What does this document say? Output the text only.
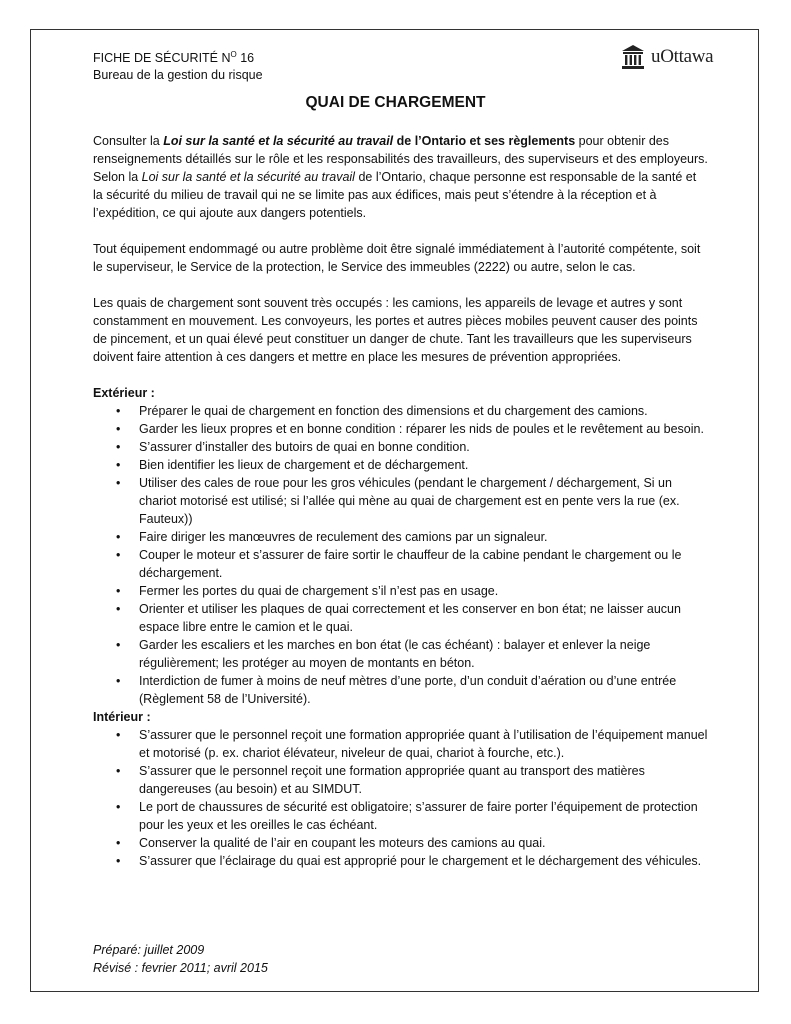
FICHE DE SÉCURITÉ $N^O$ 16
Bureau de la gestion du risque
uOttawa
QUAI DE CHARGEMENT

Consulter la Loi sur la santé et la sécurité au travail de l’Ontario et ses règlements pour obtenir des renseignements détaillés sur le rôle et les responsabilités des travailleurs, des superviseurs et des employeurs. Selon la Loi sur la santé et la sécurité au travail de l’Ontario, chaque personne est responsable de la santé et la sécurité du milieu de travail qui ne se limite pas aux édifices, mais peut s’étendre à la réception et à l’expédition, ce qui ajoute aux dangers potentiels.

Tout équipement endommagé ou autre problème doit être signalé immédiatement à l’autorité compétente, soit le superviseur, le Service de la protection, le Service des immeubles (2222) ou autre, selon le cas.

Les quais de chargement sont souvent très occupés : les camions, les appareils de levage et autres y sont constamment en mouvement. Les convoyeurs, les portes et autres pièces mobiles peuvent causer des points de pincement, et un quai élevé peut constituer un danger de chute. Tant les travailleurs que les superviseurs doivent faire attention à ces dangers et mettre en place les mesures de prévention appropriées.

Extérieur :
• Préparer le quai de chargement en fonction des dimensions et du chargement des camions.
• Garder les lieux propres et en bonne condition : réparer les nids de poules et le revêtement au besoin.
• S’assurer d’installer des butoirs de quai en bonne condition.
• Bien identifier les lieux de chargement et de déchargement.
• Utiliser des cales de roue pour les gros véhicules (pendant le chargement / déchargement, Si un chariot motorisé est utilisé; si l’allée qui mène au quai de chargement est en pente vers la rue (ex. Fauteux))
• Faire diriger les manœuvres de reculement des camions par un signaleur.
• Couper le moteur et s’assurer de faire sortir le chauffeur de la cabine pendant le chargement ou le déchargement.
• Fermer les portes du quai de chargement s’il n’est pas en usage.
• Orienter et utiliser les plaques de quai correctement et les conserver en bon état; ne laisser aucun espace libre entre le camion et le quai.
• Garder les escaliers et les marches en bon état (le cas échéant) : balayer et enlever la neige régulièrement; les protéger au moyen de montants en béton.
• Interdiction de fumer à moins de neuf mètres d’une porte, d’un conduit d’aération ou d’une entrée (Règlement 58 de l’Université).
Intérieur :
• S’assurer que le personnel reçoit une formation appropriée quant à l’utilisation de l’équipement manuel et motorisé (p. ex. chariot élévateur, niveleur de quai, chariot à fourche, etc.).
• S’assurer que le personnel reçoit une formation appropriée quant au transport des matières dangereuses (au besoin) et au SIMDUT.
• Le port de chaussures de sécurité est obligatoire; s’assurer de faire porter l’équipement de protection pour les yeux et les oreilles le cas échéant.
• Conserver la qualité de l’air en coupant les moteurs des camions au quai.
• S’assurer que l’éclairage du quai est approprié pour le chargement et le déchargement des véhicules.
Préparé: juillet 2009
Révisé : fevrier 2011; avril 2015
